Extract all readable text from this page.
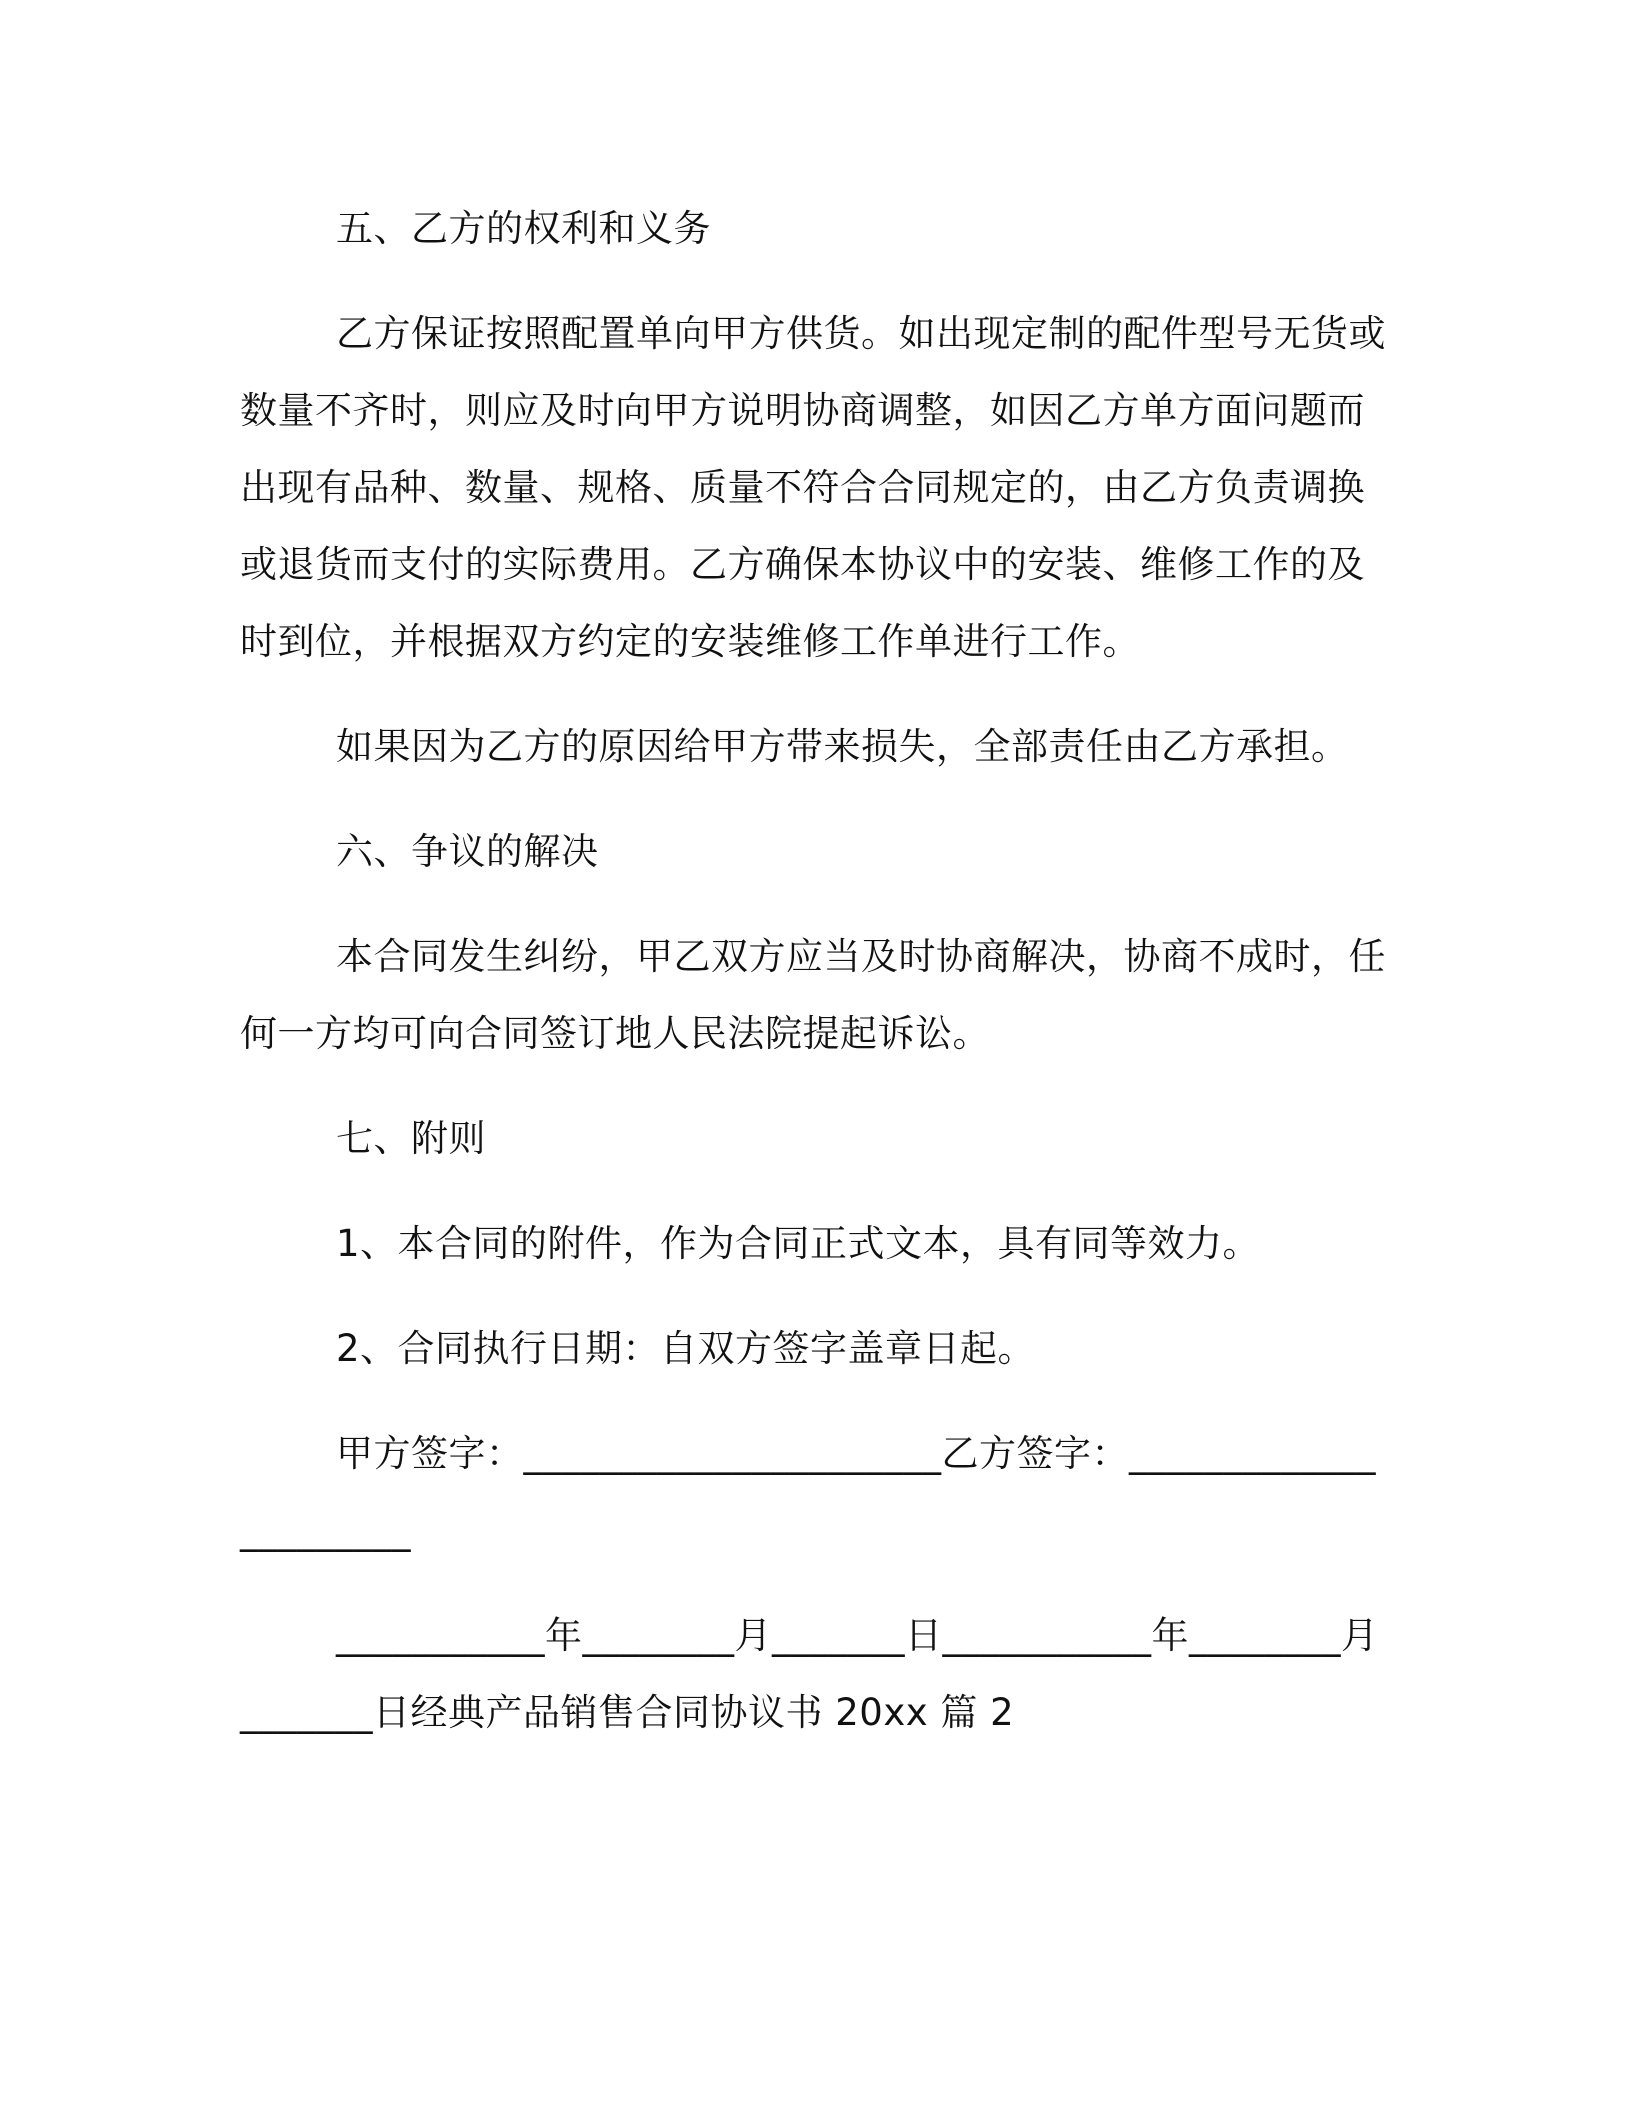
五、乙方的权利和义务

乙方保证按照配置单向甲方供货。如出现定制的配件型号无货或数量不齐时，则应及时向甲方说明协商调整，如因乙方单方面问题而出现有品种、数量、规格、质量不符合合同规定的，由乙方负责调换或退货而支付的实际费用。乙方确保本协议中的安装、维修工作的及时到位，并根据双方约定的安装维修工作单进行工作。

如果因为乙方的原因给甲方带来损失，全部责任由乙方承担。

六、争议的解决

本合同发生纠纷，甲乙双方应当及时协商解决，协商不成时，任何一方均可向合同签订地人民法院提起诉讼。

七、附则

1、本合同的附件，作为合同正式文本，具有同等效力。

2、合同执行日期：自双方签字盖章日起。

甲方签字：______________________乙方签字：______________________

___________年________月_______日___________年________月_______日经典产品销售合同协议书 20xx 篇 2
